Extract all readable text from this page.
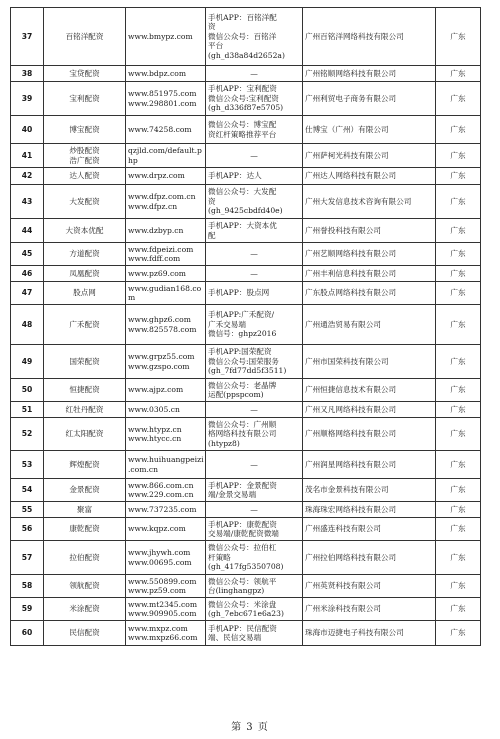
37	百铭洋配资	www.bmypz.com	手机APP：百铭洋配
资
微信公众号：百铭洋
平台
(gh_d38a84d2652a)	广州百铭洋网络科技有限公司	广东

38	宝贷配资	www.bdpz.com	—	广州铭顺网络科技有限公司	广东

39	宝利配资	www.851975.com
www.298801.com	手机APP：宝利配资
微信公众号:宝利配资
(gh_d336f87e5705)	广州利贸电子商务有限公司	广东

40	博宝配资	www.74258.com	微信公众号：博宝配
资红杆策略推荐平台	仕博宝（广州）有限公司	广东

41	炒股配资
浩广配资	qzjld.com/default.p
hp	—	广州萨柯光科技有限公司	广东

42	达人配资	www.drpz.com	手机APP：达人	广州达人网络科技有限公司	广东

43	大发配资	www.dfpz.com.cn
www.dfpz.cn	微信公众号：大发配
资
(gh_9425cbdfd40e)	广州大发信息技术咨询有限公司	广东

44	大资本优配	www.dzbyp.cn	手机APP：大资本优
配	广州誉投科技有限公司	广东

45	方道配资	www.fdpeizi.com
www.fdff.com	—	广州艺顺网络科技有限公司	广东

46	凤凰配资	www.pz69.com	—	广州丰利信息科技有限公司	广东

47	股点网	www.gudian168.co
m	手机APP：股点网	广东股点网络科技有限公司	广东

48	广禾配资	www.ghpz6.com
www.825578.com	手机APP:广禾配资/
广禾交易端
微信号：ghpz2016	广州通浩贸易有限公司	广东

49	国荣配资	www.grpz55.com
www.gzspo.com	手机APP:国荣配资
微信公众号:国荣服务
(gh_7fd77dd5f3511)	广州市国荣科技有限公司	广东

50	恒捷配资	www.ajpz.com	微信公众号：老晶牌
运配(ppspcom)	广州恒捷信息技术有限公司	广东

51	红牡丹配资	www.0305.cn	—	广州又凡网络科技有限公司	广东

52	红太阳配资	www.htypz.cn
www.htycc.cn	微信公众号：广州顺
格网络科技有限公司
(htypz8)	广州顺格网络科技有限公司	广东

53	辉煌配资	www.huihuangpeizi
.com.cn	—	广州润星网络科技有限公司	广东

54	金景配资	www.866.com.cn
www.229.com.cn	手机APP：金景配资
端/金景交易端	茂名市金景科技有限公司	广东

55	聚富	www.737235.com	—	珠海珠宏网络科技有限公司	广东

56	康乾配资	www.kqpz.com	手机APP：康乾配资
交易端/康乾配资微端	广州盛连科技有限公司	广东

57	拉伯配资	www.jhywh.com
www.00695.com	微信公众号：拉伯杠
杆策略
(gh_417fg5350708)	广州拉伯网络科技有限公司	广东

58	领航配资	www.550899.com
www.pz59.com	微信公众号：领航平
台(linghangpz)	广州英贤科技有限公司	广东

59	米涂配资	www.mt2345.com
www.909905.com	微信公众号：米涂盘
(gh_7ebc671e6a23)	广州米涂科技有限公司	广东

60	民信配资	www.mxpz.com
www.mxpz66.com	手机APP：民信配资
端、民信交易端	珠海市迈捷电子科技有限公司	广东
第 3 页
